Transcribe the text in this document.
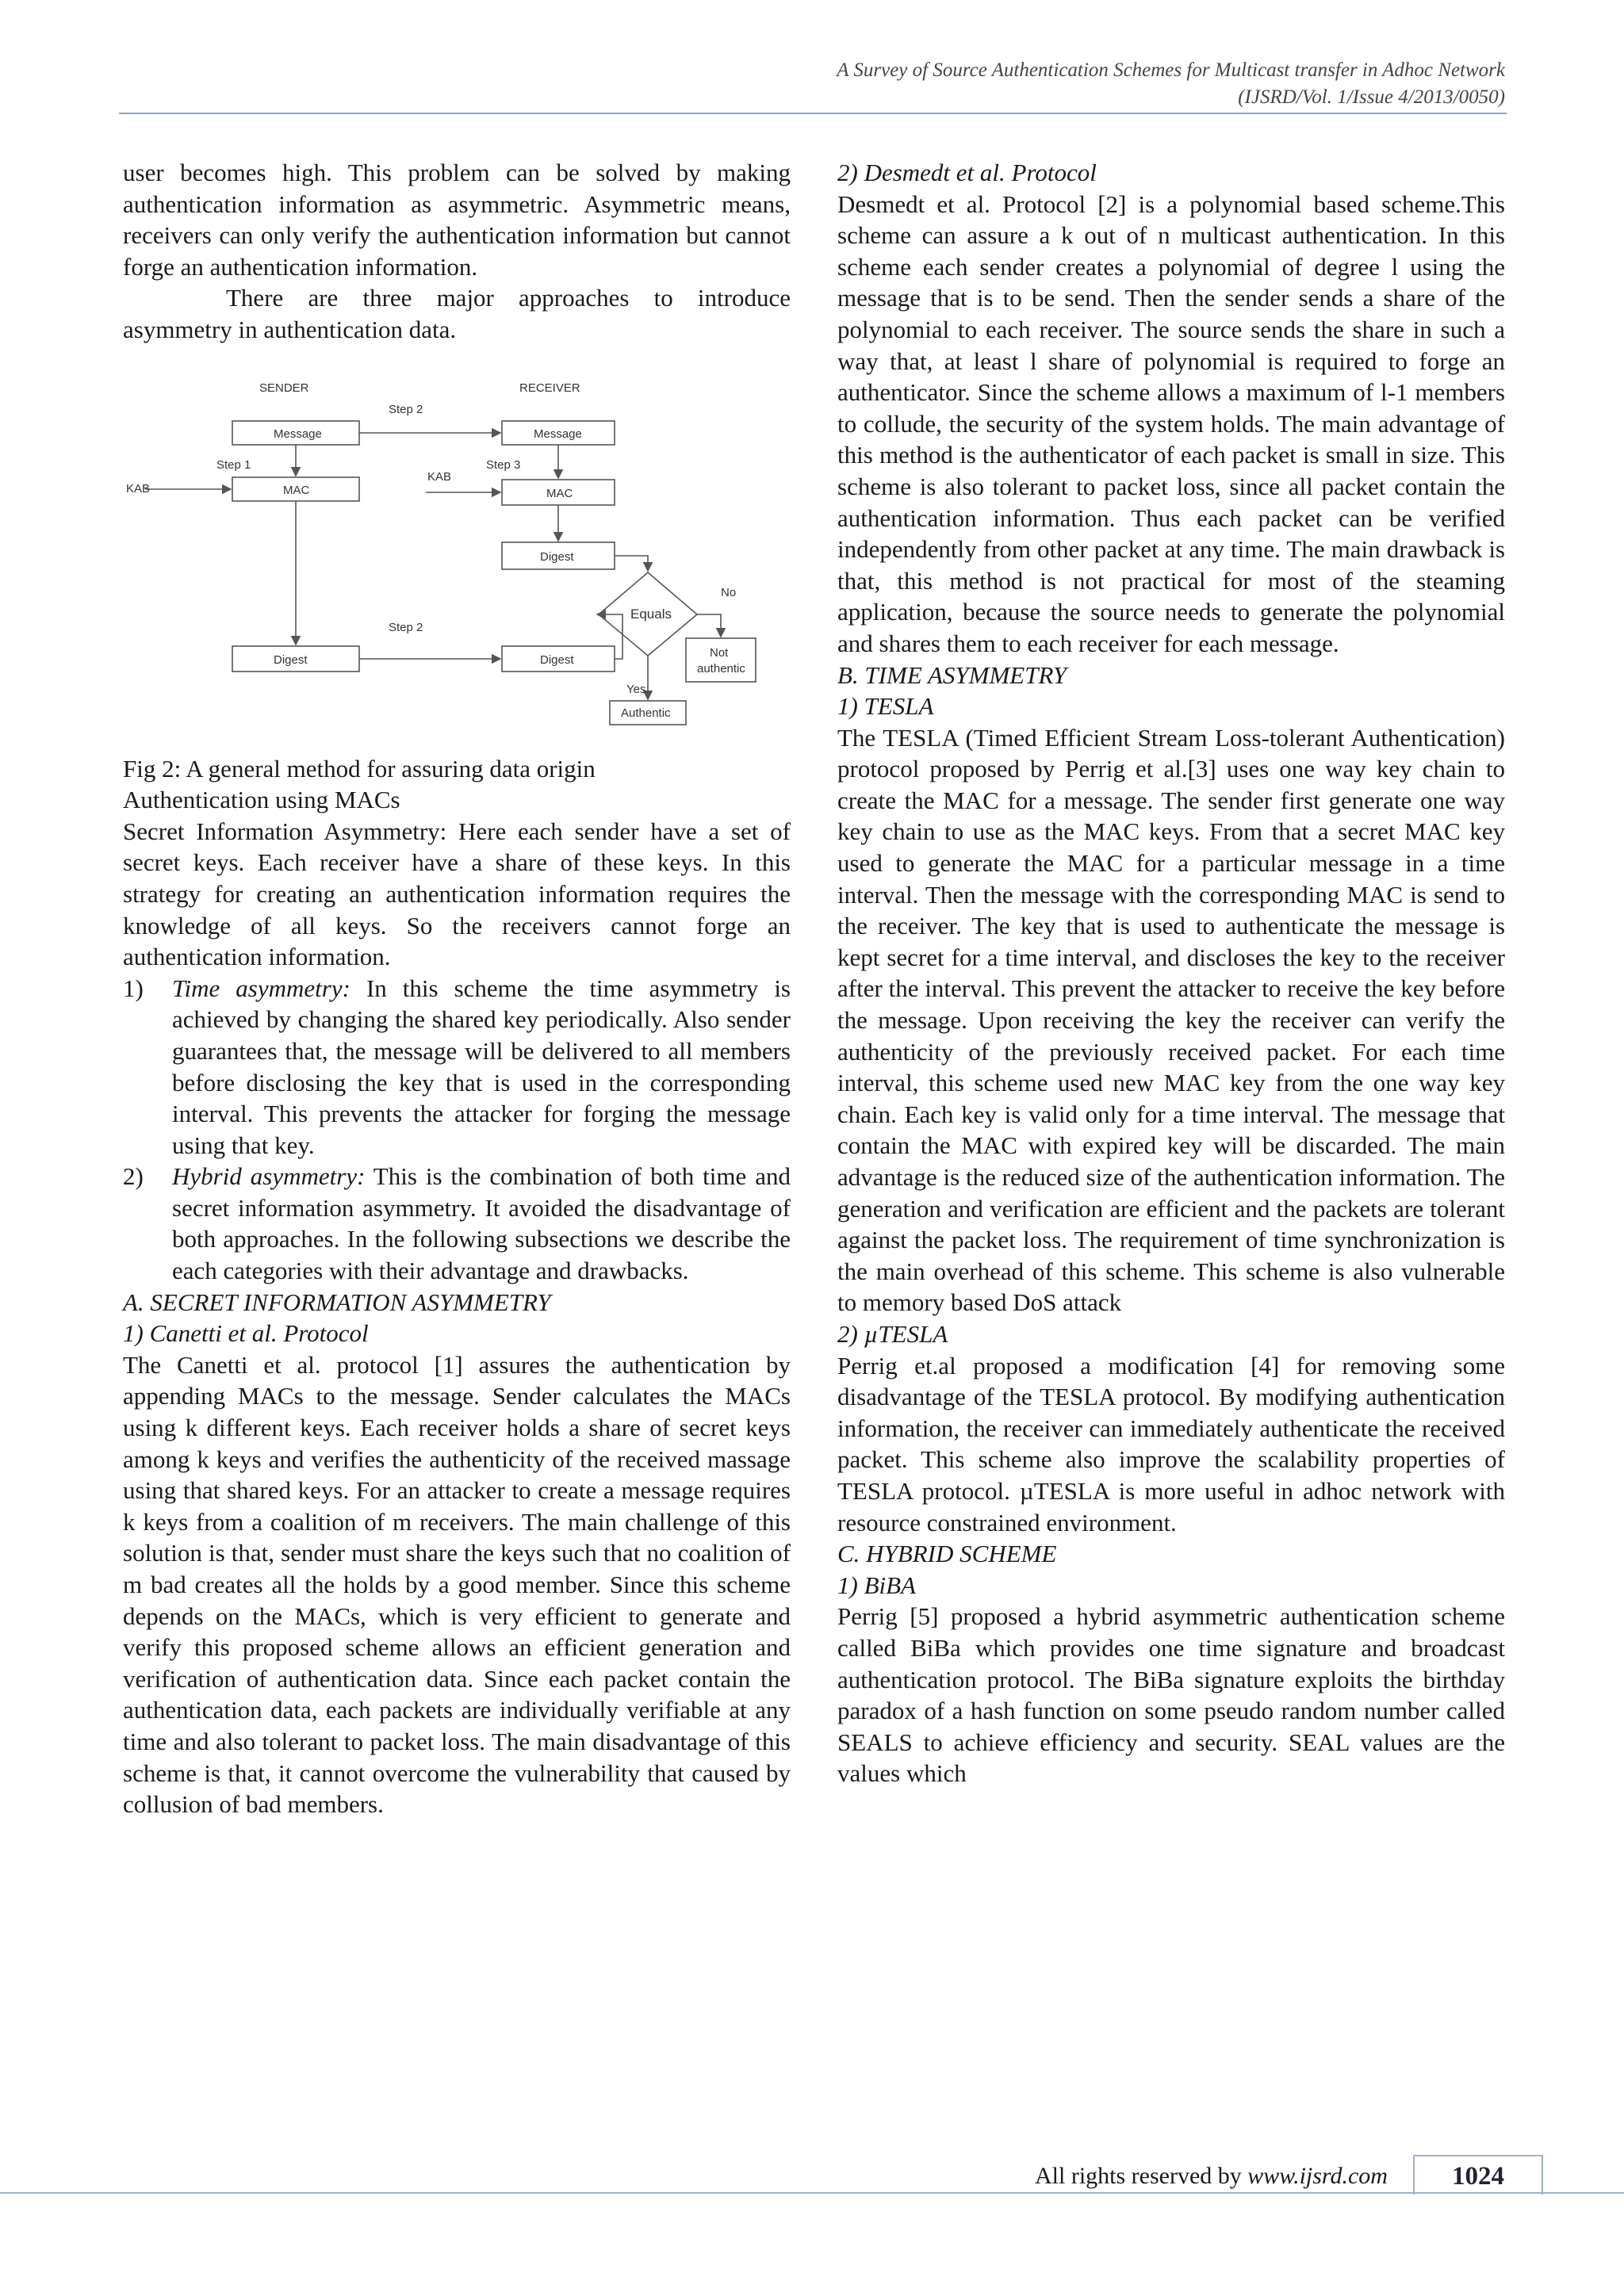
A Survey of Source Authentication Schemes for Multicast transfer in Adhoc Network
(IJSRD/Vol. 1/Issue 4/2013/0050)

user becomes high. This problem can be solved by making authentication information as asymmetric. Asymmetric means, receivers can only verify the authentication information but cannot forge an authentication information.

There are three major approaches to introduce asymmetry in authentication data.

SENDER	RECEIVER
Step 2
Step 1	Step 3
Step 2
Message	Message
KAB
KAB
MAC	MAC
Digest
Equals
No
Yes
Digest	Digest
Not
authentic
Authentic

Fig 2: A general method for assuring data origin

Authentication using MACs

Secret Information Asymmetry: Here each sender have a set of secret keys. Each receiver have a share of these keys. In this strategy for creating an authentication information requires the knowledge of all keys. So the receivers cannot forge an authentication information.

1)	Time asymmetry: In this scheme the time asymmetry is achieved by changing the shared key periodically. Also sender guarantees that, the message will be delivered to all members before disclosing the key that is used in the corresponding interval. This prevents the attacker for forging the message using that key.
2)	Hybrid asymmetry: This is the combination of both time and secret information asymmetry. It avoided the disadvantage of both approaches. In the following subsections we describe the each categories with their advantage and drawbacks.

A. SECRET INFORMATION ASYMMETRY

1) Canetti et al. Protocol

The Canetti et al. protocol [1] assures the authentication by appending MACs to the message. Sender calculates the MACs using k different keys. Each receiver holds a share of secret keys among k keys and verifies the authenticity of the received massage using that shared keys. For an attacker to create a message requires k keys from a coalition of m receivers. The main challenge of this solution is that, sender must share the keys such that no coalition of m bad creates all the holds by a good member. Since this scheme depends on the MACs, which is very efficient to generate and verify this proposed scheme allows an efficient generation and verification of authentication data. Since each packet contain the authentication data, each packets are individually verifiable at any time and also tolerant to packet loss. The main disadvantage of this scheme is that, it cannot overcome the vulnerability that caused by collusion of bad members.

2) Desmedt et al. Protocol

Desmedt et al. Protocol [2] is a polynomial based scheme.This scheme can assure a k out of n multicast authentication. In this scheme each sender creates a polynomial of degree l using the message that is to be send. Then the sender sends a share of the polynomial to each receiver. The source sends the share in such a way that, at least l share of polynomial is required to forge an authenticator. Since the scheme allows a maximum of l-1 members to collude, the security of the system holds. The main advantage of this method is the authenticator of each packet is small in size. This scheme is also tolerant to packet loss, since all packet contain the authentication information. Thus each packet can be verified independently from other packet at any time. The main drawback is that, this method is not practical for most of the steaming application, because the source needs to generate the polynomial and shares them to each receiver for each message.

B. TIME ASYMMETRY

1) TESLA

The TESLA (Timed Efficient Stream Loss-tolerant Authentication) protocol proposed by Perrig et al.[3] uses one way key chain to create the MAC for a message. The sender first generate one way key chain to use as the MAC keys. From that a secret MAC key used to generate the MAC for a particular message in a time interval. Then the message with the corresponding MAC is send to the receiver. The key that is used to authenticate the message is kept secret for a time interval, and discloses the key to the receiver after the interval. This prevent the attacker to receive the key before the message. Upon receiving the key the receiver can verify the authenticity of the previously received packet. For each time interval, this scheme used new MAC key from the one way key chain. Each key is valid only for a time interval. The message that contain the MAC with expired key will be discarded. The main advantage is the reduced size of the authentication information. The generation and verification are efficient and the packets are tolerant against the packet loss. The requirement of time synchronization is the main overhead of this scheme. This scheme is also vulnerable to memory based DoS attack

2) µTESLA

Perrig et.al proposed a modification [4] for removing some disadvantage of the TESLA protocol. By modifying authentication information, the receiver can immediately authenticate the received packet. This scheme also improve the scalability properties of TESLA protocol. µTESLA is more useful in adhoc network with resource constrained environment.

C. HYBRID SCHEME

1) BiBA

Perrig [5] proposed a hybrid asymmetric authentication scheme called BiBa which provides one time signature and broadcast authentication protocol. The BiBa signature exploits the birthday paradox of a hash function on some pseudo random number called SEALS to achieve efficiency and security. SEAL values are the values which

All rights reserved by www.ijsrd.com	1024
